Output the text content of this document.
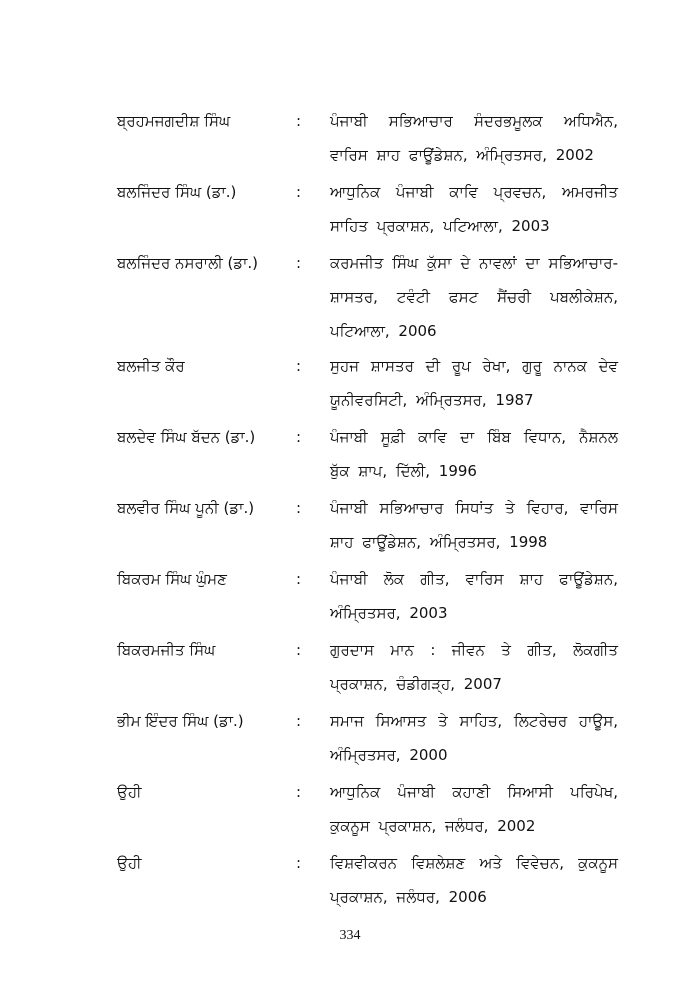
ਬ੍ਰਹਮਜਗਦੀਸ਼ ਸਿੰਘ	: ਪੰਜਾਬੀ ਸਭਿਆਚਾਰ ਸੰਦਰਭਮੂਲਕ ਅਧਿਐਨ, ਵਾਰਿਸ ਸ਼ਾਹ ਫਾਊਂਡੇਸ਼ਨ, ਅੰਮ੍ਰਿਤਸਰ, 2002
ਬਲਜਿੰਦਰ ਸਿੰਘ (ਡਾ.)	: ਆਧੁਨਿਕ ਪੰਜਾਬੀ ਕਾਵਿ ਪ੍ਰਵਚਨ, ਅਮਰਜੀਤ ਸਾਹਿਤ ਪ੍ਰਕਾਸ਼ਨ, ਪਟਿਆਲਾ, 2003
ਬਲਜਿੰਦਰ ਨਸਰਾਲੀ (ਡਾ.)	: ਕਰਮਜੀਤ ਸਿੰਘ ਕੁੱਸਾ ਦੇ ਨਾਵਲਾਂ ਦਾ ਸਭਿਆਚਾਰ-ਸ਼ਾਸਤਰ, ਟਵੰਟੀ ਫਸਟ ਸੈਂਚਰੀ ਪਬਲੀਕੇਸ਼ਨ, ਪਟਿਆਲਾ, 2006
ਬਲਜੀਤ ਕੌਰ	: ਸੁਹਜ ਸ਼ਾਸਤਰ ਦੀ ਰੂਪ ਰੇਖਾ, ਗੁਰੂ ਨਾਨਕ ਦੇਵ ਯੂਨੀਵਰਸਿਟੀ, ਅੰਮ੍ਰਿਤਸਰ, 1987
ਬਲਦੇਵ ਸਿੰਘ ਬੱਦਨ (ਡਾ.)	: ਪੰਜਾਬੀ ਸੂਫ਼ੀ ਕਾਵਿ ਦਾ ਬਿੰਬ ਵਿਧਾਨ, ਨੈਸ਼ਨਲ ਬੁੱਕ ਸ਼ਾਪ, ਦਿੱਲੀ, 1996
ਬਲਵੀਰ ਸਿੰਘ ਪੂਨੀ (ਡਾ.)	: ਪੰਜਾਬੀ ਸਭਿਆਚਾਰ ਸਿਧਾਂਤ ਤੇ ਵਿਹਾਰ, ਵਾਰਿਸ ਸ਼ਾਹ ਫਾਊਂਡੇਸ਼ਨ, ਅੰਮ੍ਰਿਤਸਰ, 1998
ਬਿਕਰਮ ਸਿੰਘ ਘੁੰਮਣ	: ਪੰਜਾਬੀ ਲੋਕ ਗੀਤ, ਵਾਰਿਸ ਸ਼ਾਹ ਫਾਊਂਡੇਸ਼ਨ, ਅੰਮ੍ਰਿਤਸਰ, 2003
ਬਿਕਰਮਜੀਤ ਸਿੰਘ	: ਗੁਰਦਾਸ ਮਾਨ : ਜੀਵਨ ਤੇ ਗੀਤ, ਲੋਕਗੀਤ ਪ੍ਰਕਾਸ਼ਨ, ਚੰਡੀਗੜ੍ਹ, 2007
ਭੀਮ ਇੰਦਰ ਸਿੰਘ (ਡਾ.)	: ਸਮਾਜ ਸਿਆਸਤ ਤੇ ਸਾਹਿਤ, ਲਿਟਰੇਚਰ ਹਾਊਸ, ਅੰਮ੍ਰਿਤਸਰ, 2000
ਉਹੀ	: ਆਧੁਨਿਕ ਪੰਜਾਬੀ ਕਹਾਣੀ ਸਿਆਸੀ ਪਰਿਪੇਖ, ਕੁਕਨੂਸ ਪ੍ਰਕਾਸ਼ਨ, ਜਲੰਧਰ, 2002
ਉਹੀ	: ਵਿਸ਼ਵੀਕਰਨ ਵਿਸ਼ਲੇਸ਼ਣ ਅਤੇ ਵਿਵੇਚਨ, ਕੁਕਨੂਸ ਪ੍ਰਕਾਸ਼ਨ, ਜਲੰਧਰ, 2006
334
